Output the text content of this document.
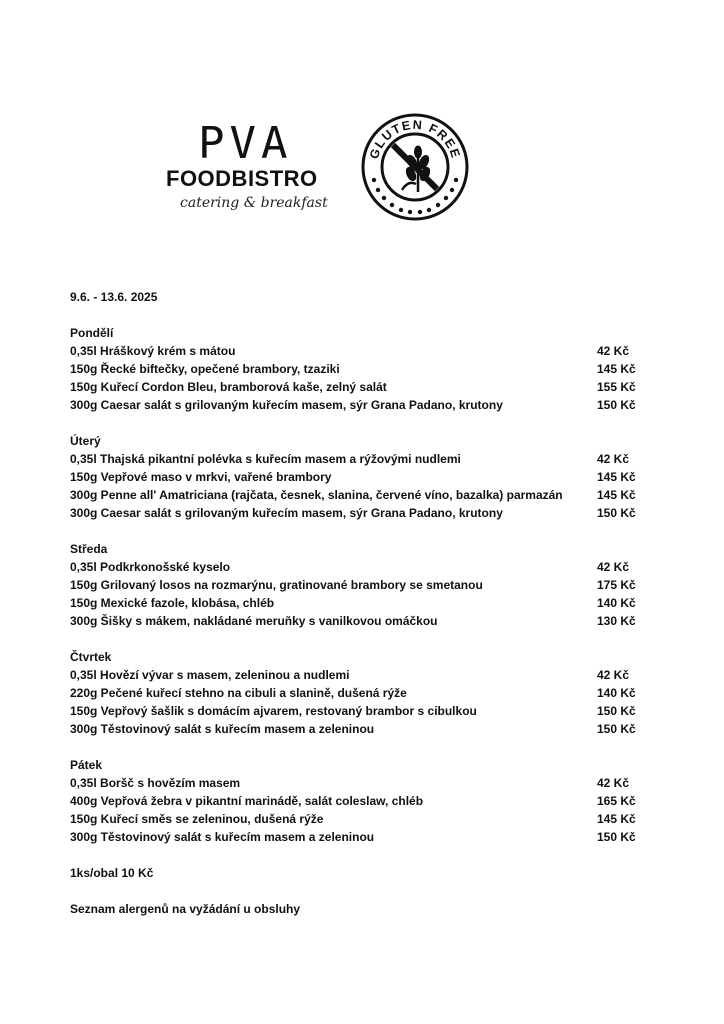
PVA
FOODBISTRO
catering & breakfast
GLUTEN FREE
9.6. - 13.6. 2025
Pondělí
0,35l Hráškový krém s mátou	42 Kč
150g Řecké biftečky, opečené brambory, tzaziki	145 Kč
150g Kuřecí Cordon Bleu, bramborová kaše, zelný salát	155 Kč
300g Caesar salát s grilovaným kuřecím masem, sýr Grana Padano, krutony	150 Kč
Úterý
0,35l Thajská pikantní polévka s kuřecím masem a rýžovými nudlemi	42 Kč
150g Vepřové maso v mrkvi, vařené brambory	145 Kč
300g Penne all' Amatriciana (rajčata, česnek, slanina, červené víno, bazalka) parmazán	145 Kč
300g Caesar salát s grilovaným kuřecím masem, sýr Grana Padano, krutony	150 Kč
Středa
0,35l Podkrkonošské kyselo	42 Kč
150g Grilovaný losos na rozmarýnu, gratinované brambory se smetanou	175 Kč
150g Mexické fazole, klobása, chléb	140 Kč
300g Šišky s mákem, nakládané meruňky s vanilkovou omáčkou	130 Kč
Čtvrtek
0,35l Hovězí vývar s masem, zeleninou a nudlemi	42 Kč
220g Pečené kuřecí stehno na cibuli a slanině, dušená rýže	140 Kč
150g Vepřový šašlik s domácím ajvarem, restovaný brambor s cibulkou	150 Kč
300g Těstovinový salát s kuřecím masem a zeleninou	150 Kč
Pátek
0,35l Boršč s hovězím masem	42 Kč
400g Vepřová žebra v pikantní marinádě, salát coleslaw, chléb	165 Kč
150g Kuřecí směs se zeleninou, dušená rýže	145 Kč
300g Těstovinový salát s kuřecím masem a zeleninou	150 Kč
1ks/obal 10 Kč
Seznam alergenů na vyžádání u obsluhy
